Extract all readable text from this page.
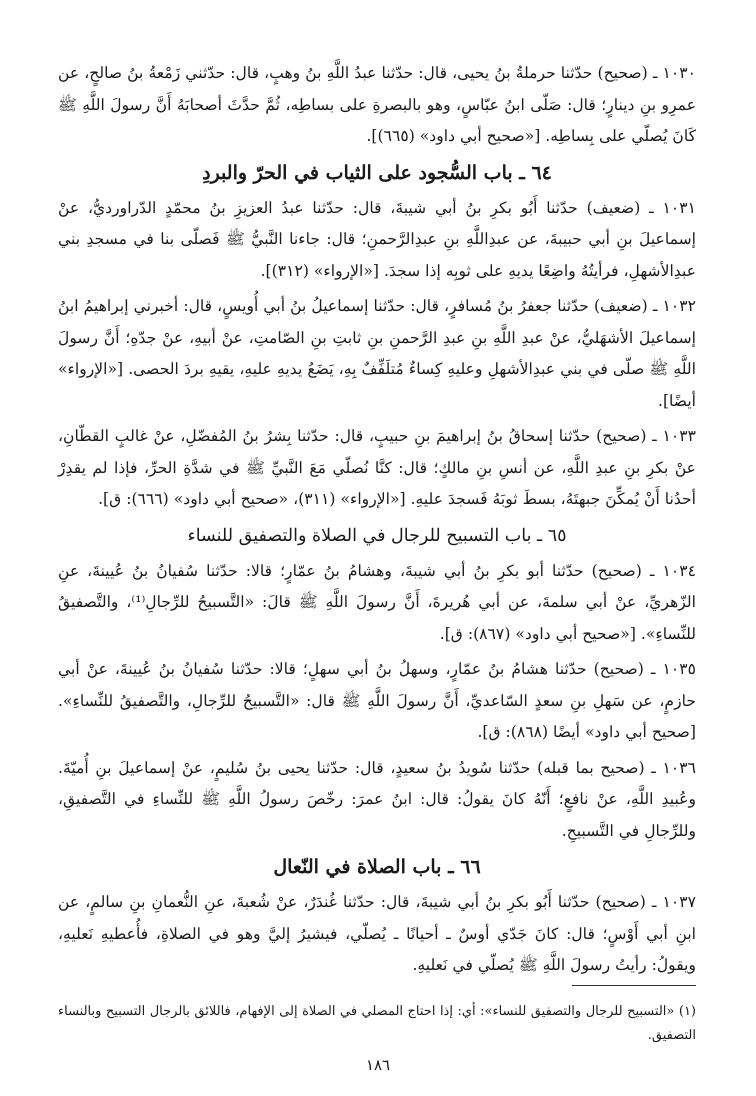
١٠٣٠ ـ (صحيح) حدّثنا حرملةُ بنُ يحيى، قال: حدّثنا عبدُ اللَّهِ بنُ وهبٍ، قال: حدّثني زَمْعةُ بنُ صالحٍ، عن عمرِو بنِ دينارٍ؛ قال: صَلّى ابنُ عبّاسٍ، وهو بالبصرةِ على بساطِه، ثُمَّ حدَّثَ أصحابَهُ أَنَّ رسولَ اللَّهِ ﷺ كَانَ يُصلّي على بِساطِه. [«صحيح أبي داود» (٦٦٥)].

٦٤ ـ باب السُّجود على الثياب في الحرّ والبردِ

١٠٣١ ـ (ضعيف) حدّثنا أَبُو بكرِ بنُ أبي شيبةَ، قال: حدّثنا عبدُ العزيزِ بنُ محمّدٍ الدّراورديُّ، عنْ إسماعيلَ بنِ أبي حبيبةَ، عن عبدِاللَّهِ بنِ عبدِالرَّحمنِ؛ قال: جاءنا النَّبيُّ ﷺ فَصلّى بنا في مسجدِ بني عبدِالأشهلِ، فرأيتُهُ واضِعًا يديهِ على ثوبِه إذا سجدَ. [«الإرواء» (٣١٢)].

١٠٣٢ ـ (ضعيف) حدّثنا جعفرُ بنُ مُسافرٍ، قال: حدّثنا إسماعيلُ بنُ أبي أُويسٍ، قال: أخبرني إبراهيمُ ابنُ إسماعيلَ الأشهَليُّ، عنْ عبدِ اللَّهِ بنِ عبدِ الرَّحمنِ بنِ ثابتِ بنِ الصّامتِ، عنْ أبيهِ، عنْ جدّهِ؛ أَنَّ رسولَ اللَّهِ ﷺ صلّى في بني عبدِالأشهلِ وعليهِ كِساءٌ مُتلَفِّفٌ بِهِ، يَضَعُ يديهِ عليهِ، يقيهِ بردَ الحصى. [«الإرواء» أيضًا].

١٠٣٣ ـ (صحيح) حدّثنا إسحاقُ بنُ إبراهيمَ بنِ حبيبٍ، قال: حدّثنا بِشرُ بنُ المُفضّلِ، عنْ غالبٍ القطّانِ، عنْ بكرِ بنِ عبدِ اللَّهِ، عن أنسِ بنِ مالكٍ؛ قال: كنَّا نُصلّي مَعَ النَّبيِّ ﷺ في شدَّةِ الحرِّ، فإذا لم يقدِرْ أحدُنا أَنْ يُمكِّنَ جبهتَهُ، بسطَ ثوبَهُ فَسجدَ عليهِ. [«الإرواء» (٣١١)، «صحيح أبي داود» (٦٦٦): ق].

٦٥ ـ باب التسبيح للرجال في الصلاة والتصفيق للنساء

١٠٣٤ ـ (صحيح) حدّثنا أبو بكرِ بنُ أبي شيبةَ، وهشامُ بنُ عمّارٍ؛ قالا: حدّثنا سُفيانُ بنُ عُيينةَ، عنِ الزّهريِّ، عنْ أبي سلمةَ، عن أبي هُريرةَ، أَنَّ رسولَ اللَّهِ ﷺ قالَ: «التَّسبيحُ للرِّجالِ⁽¹⁾، والتَّصفيقُ للنِّساءِ». [«صحيح أبي داود» (٨٦٧): ق].

١٠٣٥ ـ (صحيح) حدّثنا هشامُ بنُ عمّارٍ، وسهلُ بنُ أبي سهلٍ؛ قالا: حدّثنا سُفيانُ بنُ عُيينةَ، عنْ أبي حازمٍ، عن سَهلِ بنِ سعدٍ السّاعديِّ، أَنَّ رسولَ اللَّهِ ﷺ قال: «التَّسبيحُ للرِّجالِ، والتَّصفيقُ للنِّساءِ». [صحيح أبي داود» أيضًا (٨٦٨): ق].

١٠٣٦ ـ (صحيح بما قبله) حدّثنا سُويدُ بنُ سعيدٍ، قال: حدّثنا يحيى بنُ سُليمٍ، عنْ إسماعيلَ بنِ أُميّةَ. وعُبيدِ اللَّهِ، عنْ نافعٍ؛ أَنّهُ كانَ يقولُ: قال: ابنُ عمرَ: رخّصَ رسولُ اللَّهِ ﷺ للنِّساءِ في التَّصفيقِ، وللرِّجالِ في التَّسبيحِ.

٦٦ ـ باب الصلاة في النّعال

١٠٣٧ ـ (صحيح) حدّثنا أَبُو بكرِ بنُ أبي شيبةَ، قال: حدّثنا غُندَرٌ، عنْ شُعبةَ، عنِ النُّعمانِ بنِ سالمٍ، عن ابنِ أبي أَوْسٍ؛ قال: كانَ جَدّي أوسٌ ـ أحيانًا ـ يُصلّي، فيشيرُ إليَّ وهو في الصلاةِ، فأُعطيهِ نَعليهِ، ويقولُ: رأيتُ رسولَ اللَّهِ ﷺ يُصلّي في نَعليهِ.

(١) «التسبيح للرجال والتصفيق للنساء»: أي: إذا احتاج المصلي في الصلاة إلى الإفهام، فاللائق بالرجال التسبيح وبالنساء التصفيق.

١٨٦
